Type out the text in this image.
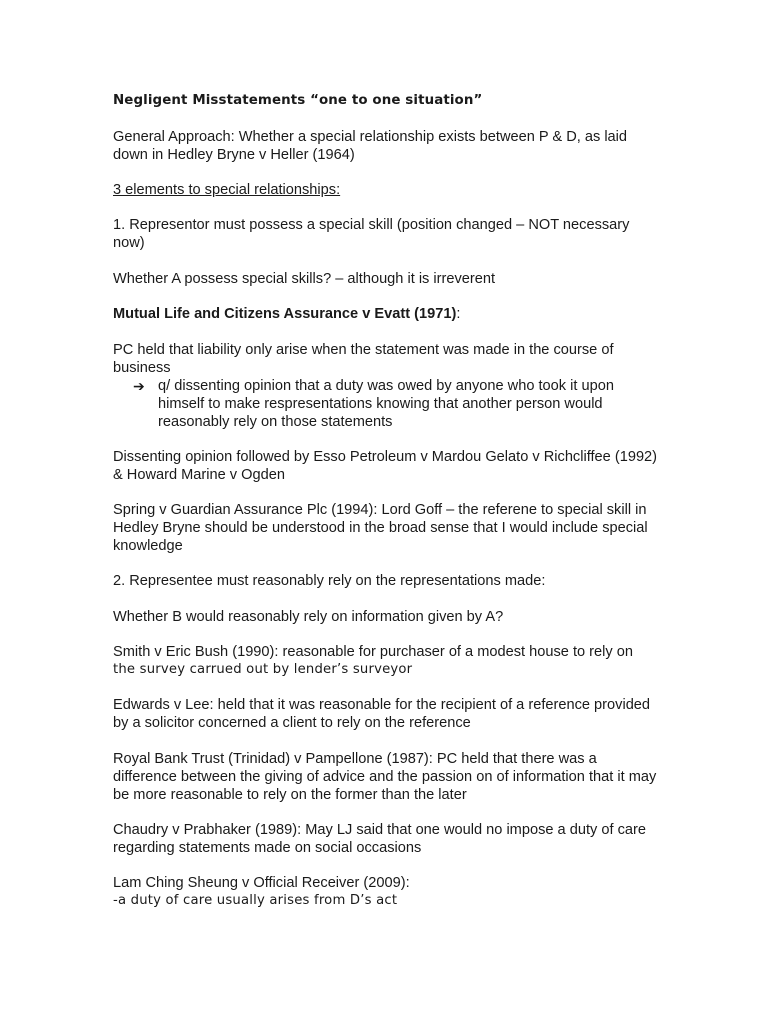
Negligent Misstatements “one to one situation”

General Approach: Whether a special relationship exists between P & D, as laid down in Hedley Bryne v Heller (1964)

3 elements to special relationships:

1. Representor must possess a special skill (position changed – NOT necessary now)

Whether A possess special skills? – although it is irreverent

Mutual Life and Citizens Assurance v Evatt (1971):

PC held that liability only arise when the statement was made in the course of business

➔ q/ dissenting opinion that a duty was owed by anyone who took it upon himself to make respresentations knowing that another person would reasonably rely on those statements

Dissenting opinion followed by Esso Petroleum v Mardou Gelato v Richcliffee (1992) & Howard Marine v Ogden

Spring v Guardian Assurance Plc (1994): Lord Goff – the referene to special skill in Hedley Bryne should be understood in the broad sense that I would include special knowledge

2. Representee must reasonably rely on the representations made:

Whether B would reasonably rely on information given by A?

Smith v Eric Bush (1990): reasonable for purchaser of a modest house to rely on
the survey carrued out by lender’s surveyor

Edwards v Lee: held that it was reasonable for the recipient of a reference provided by a solicitor concerned a client to rely on the reference

Royal Bank Trust (Trinidad) v Pampellone (1987): PC held that there was a difference between the giving of advice and the passion on of information that it may be more reasonable to rely on the former than the later

Chaudry v Prabhaker (1989): May LJ said that one would no impose a duty of care regarding statements made on social occasions

Lam Ching Sheung v Official Receiver (2009):
-a duty of care usually arises from D’s act
